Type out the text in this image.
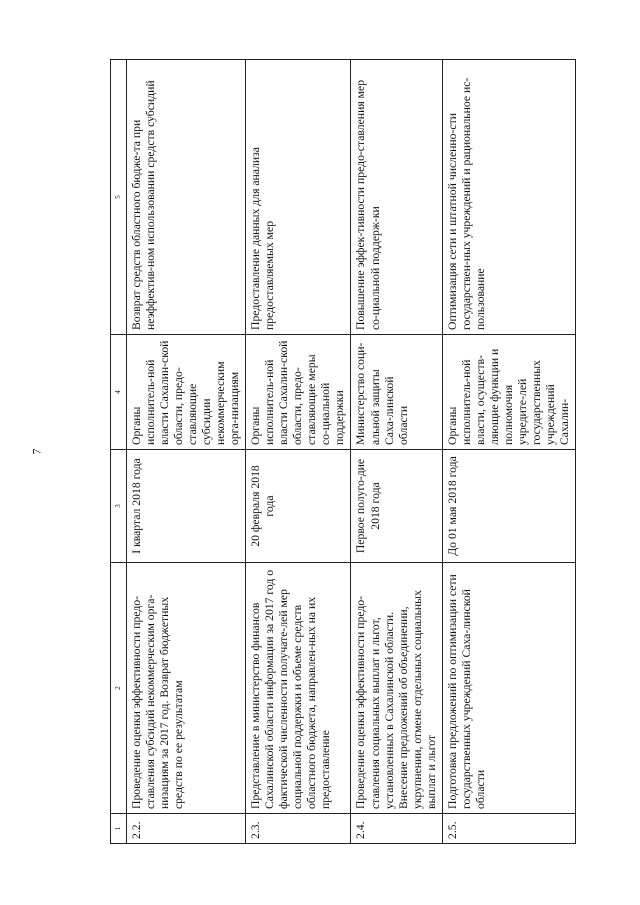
7
1	2	3	4	5
2.2.	Проведение оценки эффективности предо-ставления субсидий некоммерческим орга-низациям за 2017 год. Возврат бюджетных средств по ее результатам	I квартал 2018 года	Органы исполнитель-ной власти Сахалин-ской области, предо-ставляющие субсидии некоммерческим орга-низациям	Возврат средств областного бюдже-та при неэффектив-ном использовании средств субсидий
2.3.	Представление в министерство финансов Сахалинской области информации за 2017 год о фактической численности получате-лей мер социальной поддержки и объеме средств областного бюджета, направлен-ных на их предоставление	20 февраля 2018 года	Органы исполнитель-ной власти Сахалин-ской области, предо-ставляющие меры со-циальной поддержки	Предоставление данных для анализа предоставляемых мер
2.4.	Проведение оценки эффективности предо-ставления социальных выплат и льгот, установленных в Сахалинской области. Внесение предложений об объединении, укрупнении, отмене отдельных социальных выплат и льгот	Первое полуго-дие 2018 года	Министерство соци-альной защиты Саха-линской области	Повышение эффек-тивности предо-ставления мер со-циальной поддерж-ки
2.5.	Подготовка предложений по оптимизации сети государственных учреждений Саха-линской области	До 01 мая 2018 года	Органы исполнитель-ной власти, осуществ-ляющие функции и полномочия учредите-лей государственных учреждений Сахалин-	Оптимизация сети и штатной численно-сти государствен-ных учреждений и рациональное ис-пользование
